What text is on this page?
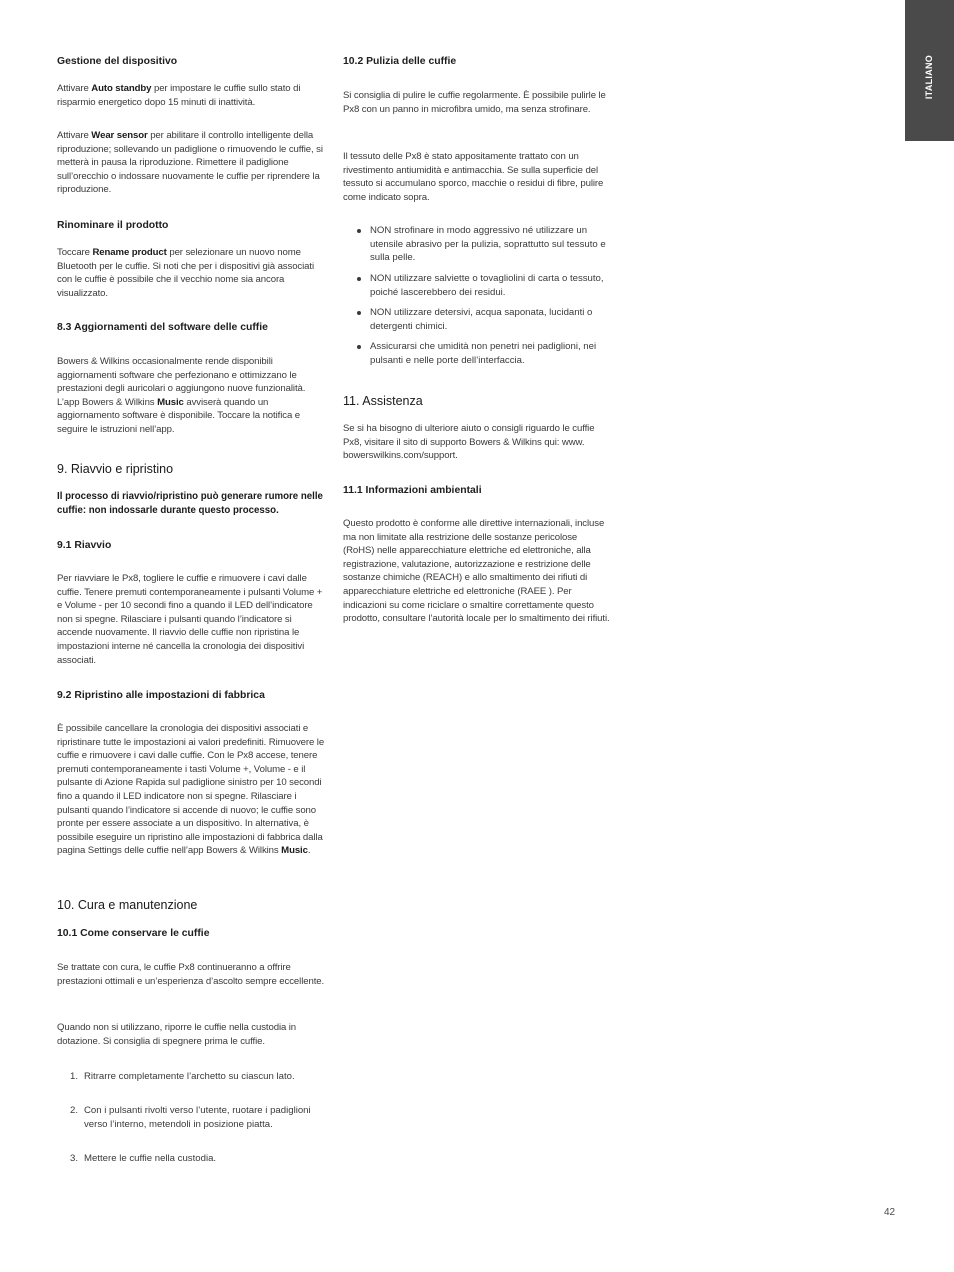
ITALIANO
Gestione del dispositivo
Attivare Auto standby per impostare le cuffie sullo stato di risparmio energetico dopo 15 minuti di inattività.
Attivare Wear sensor per abilitare il controllo intelligente della riproduzione; sollevando un padiglione o rimuovendo le cuffie, si metterà in pausa la riproduzione. Rimettere il padiglione sull’orecchio o indossare nuovamente le cuffie per riprendere la riproduzione.
Rinominare il prodotto
Toccare Rename product per selezionare un nuovo nome Bluetooth per le cuffie. Si noti che per i dispositivi già associati con le cuffie è possibile che il vecchio nome sia ancora visualizzato.
8.3 Aggiornamenti del software delle cuffie
Bowers & Wilkins occasionalmente rende disponibili aggiornamenti software che perfezionano e ottimizzano le prestazioni degli auricolari o aggiungono nuove funzionalità. L’app Bowers & Wilkins Music avviserà quando un aggiornamento software è disponibile. Toccare la notifica e seguire le istruzioni nell’app.
9. Riavvio e ripristino
Il processo di riavvio/ripristino può generare rumore nelle cuffie: non indossarle durante questo processo.
9.1 Riavvio
Per riavviare le Px8, togliere le cuffie e rimuovere i cavi dalle cuffie. Tenere premuti contemporaneamente i pulsanti Volume + e Volume - per 10 secondi fino a quando il LED dell’indicatore non si spegne. Rilasciare i pulsanti quando l’indicatore si accende nuovamente. Il riavvio delle cuffie non ripristina le impostazioni interne né cancella la cronologia dei dispositivi associati.
9.2 Ripristino alle impostazioni di fabbrica
È possibile cancellare la cronologia dei dispositivi associati e ripristinare tutte le impostazioni ai valori predefiniti. Rimuovere le cuffie e rimuovere i cavi dalle cuffie. Con le Px8 accese, tenere premuti contemporaneamente i tasti Volume +, Volume - e il pulsante di Azione Rapida sul padiglione sinistro per 10 secondi fino a quando il LED indicatore non si spegne. Rilasciare i pulsanti quando l’indicatore si accende di nuovo; le cuffie sono pronte per essere associate a un dispositivo. In alternativa, è possibile eseguire un ripristino alle impostazioni di fabbrica dalla pagina Settings delle cuffie nell’app Bowers & Wilkins Music.
10. Cura e manutenzione
10.1 Come conservare le cuffie
Se trattate con cura, le cuffie Px8 continueranno a offrire prestazioni ottimali e un’esperienza d’ascolto sempre eccellente.
Quando non si utilizzano, riporre le cuffie nella custodia in dotazione. Si consiglia di spegnere prima le cuffie.
1. Ritrarre completamente l’archetto su ciascun lato.
2. Con i pulsanti rivolti verso l’utente, ruotare i padiglioni verso l’interno, metendoli in posizione piatta.
3. Mettere le cuffie nella custodia.
10.2 Pulizia delle cuffie
Si consiglia di pulire le cuffie regolarmente. È possibile pulirle le Px8 con un panno in microfibra umido, ma senza strofinare.
Il tessuto delle Px8 è stato appositamente trattato con un rivestimento antiumidità e antimacchia. Se sulla superficie del tessuto si accumulano sporco, macchie o residui di fibre, pulire come indicato sopra.
NON strofinare in modo aggressivo né utilizzare un utensile abrasivo per la pulizia, soprattutto sul tessuto e sulla pelle.
NON utilizzare salviette o tovagliolini di carta o tessuto, poiché lascerebbero dei residui.
NON utilizzare detersivi, acqua saponata, lucidanti o detergenti chimici.
Assicurarsi che umidità non penetri nei padiglioni, nei pulsanti e nelle porte dell’interfaccia.
11. Assistenza
Se si ha bisogno di ulteriore aiuto o consigli riguardo le cuffie Px8, visitare il sito di supporto Bowers & Wilkins qui: www. bowerswilkins.com/support.
11.1 Informazioni ambientali
Questo prodotto è conforme alle direttive internazionali, incluse ma non limitate alla restrizione delle sostanze pericolose (RoHS) nelle apparecchiature elettriche ed elettroniche, alla registrazione, valutazione, autorizzazione e restrizione delle sostanze chimiche (REACH) e allo smaltimento dei rifiuti di apparecchiature elettriche ed elettroniche (RAEE ). Per indicazioni su come riciclare o smaltire correttamente questo prodotto, consultare l’autorità locale per lo smaltimento dei rifiuti.
42
